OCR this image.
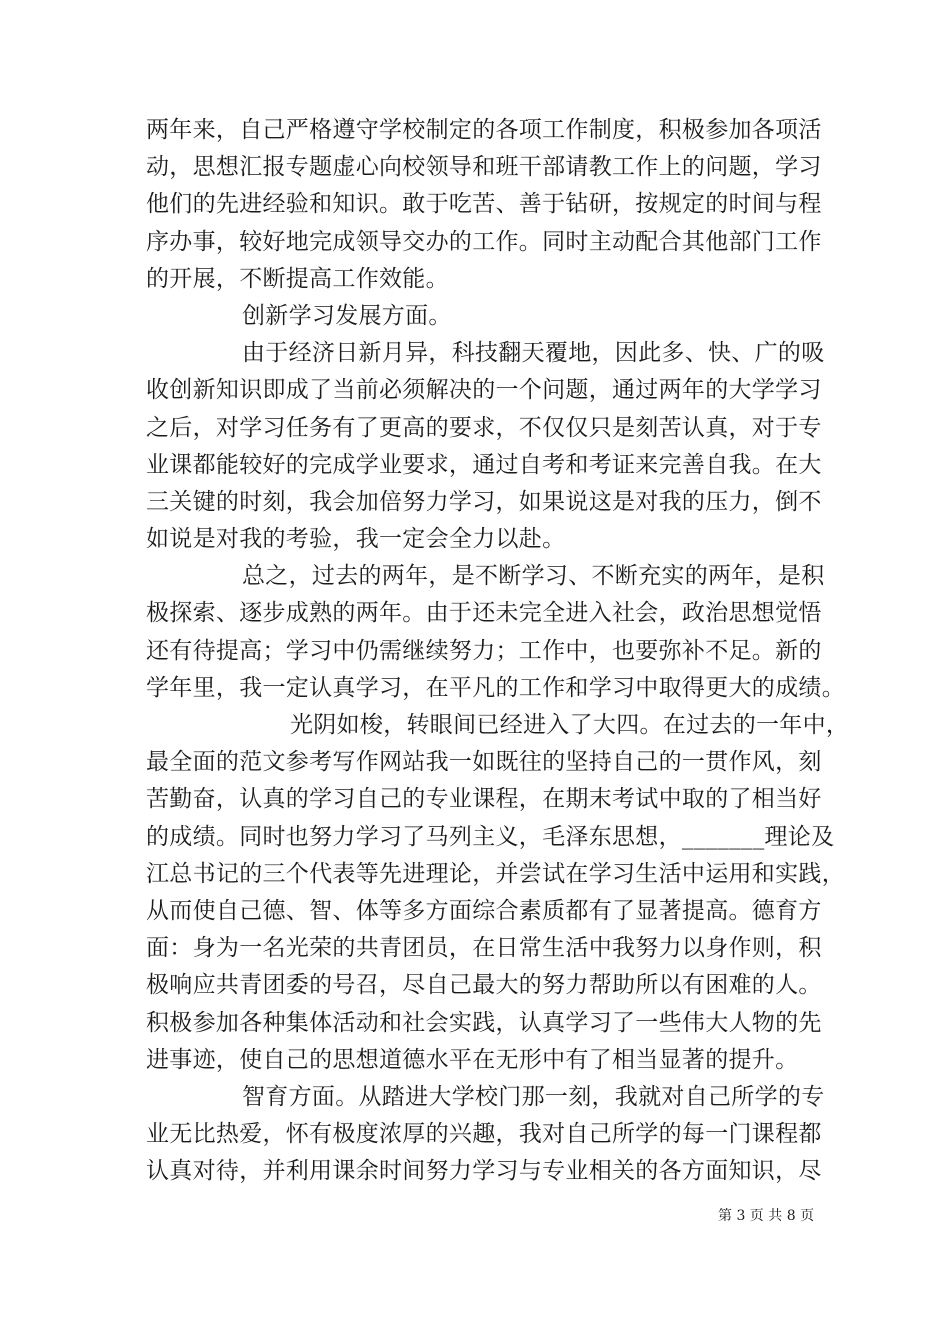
两年来，自己严格遵守学校制定的各项工作制度，积极参加各项活
动，思想汇报专题虚心向校领导和班干部请教工作上的问题，学习
他们的先进经验和知识。敢于吃苦、善于钻研，按规定的时间与程
序办事，较好地完成领导交办的工作。同时主动配合其他部门工作
的开展，不断提高工作效能。
创新学习发展方面。
由于经济日新月异，科技翻天覆地，因此多、快、广的吸
收创新知识即成了当前必须解决的一个问题，通过两年的大学学习
之后，对学习任务有了更高的要求，不仅仅只是刻苦认真，对于专
业课都能较好的完成学业要求，通过自考和考证来完善自我。在大
三关键的时刻，我会加倍努力学习，如果说这是对我的压力，倒不
如说是对我的考验，我一定会全力以赴。
总之，过去的两年，是不断学习、不断充实的两年，是积
极探索、逐步成熟的两年。由于还未完全进入社会，政治思想觉悟
还有待提高；学习中仍需继续努力；工作中，也要弥补不足。新的
学年里，我一定认真学习，在平凡的工作和学习中取得更大的成绩。
光阴如梭，转眼间已经进入了大四。在过去的一年中，
最全面的范文参考写作网站我一如既往的坚持自己的一贯作风，刻
苦勤奋，认真的学习自己的专业课程，在期末考试中取的了相当好
的成绩。同时也努力学习了马列主义，毛泽东思想，_______理论及
江总书记的三个代表等先进理论，并尝试在学习生活中运用和实践，
从而使自己德、智、体等多方面综合素质都有了显著提高。德育方
面：身为一名光荣的共青团员，在日常生活中我努力以身作则，积
极响应共青团委的号召，尽自己最大的努力帮助所以有困难的人。
积极参加各种集体活动和社会实践，认真学习了一些伟大人物的先
进事迹，使自己的思想道德水平在无形中有了相当显著的提升。
智育方面。从踏进大学校门那一刻，我就对自己所学的专
业无比热爱，怀有极度浓厚的兴趣，我对自己所学的每一门课程都
认真对待，并利用课余时间努力学习与专业相关的各方面知识，尽
第 3 页 共 8 页
